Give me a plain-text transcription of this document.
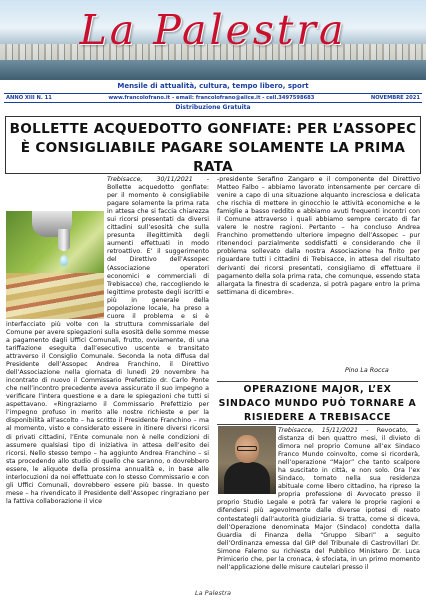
La Palestra
Mensile di attualità, cultura, tempo libero, sport
ANNO XIII N. 11	www.francolofrano.it - email: francolofrano@alice.it - cell.3497598683	NOVEMBRE 2021
Distribuzione Gratuita
BOLLETTE ACQUEDOTTO GONFIATE: PER L’ASSOPEC È CONSIGLIABILE PAGARE SOLAMENTE LA PRIMA RATA

Trebisacce, 30/11/2021 - Bollette acquedotto gonfiate: per il momento è consigliabile pagare solamente la prima rata in attesa che si faccia chiarezza sui ricorsi presentati da diversi cittadini sull’esosità che sulla presunta illegittimità degli aumenti effettuati in modo retroattivo. E’ il suggerimento del Direttivo dell’Assopec (Associazione operatori economici e commerciali di Trebisacce) che, raccogliendo le legittime proteste degli iscritti e più in generale della popolazione locale, ha preso a cuore il problema e si è interfacciato più volte con la struttura commissariale del Comune per avere spiegazioni sulla esosità delle somme messe a pagamento dagli Uffici Comunali, frutto, ovviamente, di una tariffazione eseguita dall’esecutivo uscente e transitato attraverso il Consiglio Comunale. Seconda la nota diffusa dal Presidente dell’Assopec Andrea Franchino, il Direttivo dell’Associazione nella giornata di lunedì 29 novembre ha incontrato di nuovo il Commissario Prefettizio dr. Carlo Ponte che nell’incontro precedente aveva assicurato il suo impegno a verificare l’intera questione e a dare le spiegazioni che tutti si aspettavano. «Ringraziamo il Commissario Prefettizio per l’impegno profuso in merito alle nostre richieste e per la disponibilità all’ascolto – ha scritto il Presidente Franchino – ma al momento, visto e considerato essere in itinere diversi ricorsi di privati cittadini, l’Ente comunale non è nelle condizioni di assumere qualsiasi tipo di iniziativa in attesa dell’esito dei ricorsi. Nello stesso tempo – ha aggiunto Andrea Franchino – si sta procedendo allo studio di quello che saranno, o dovrebbero essere, le aliquote della prossima annualità e, in base alle interlocuzioni da noi effettuate con lo stesso Commissario e con gli Uffici Comunali, dovrebbero essere più basse. In questo mese – ha rivendicato il Presidente dell’Assopec ringraziano per la fattiva collaborazione il vice

-presidente Serafino Zangaro e il componente del Direttivo Matteo Falbo – abbiamo lavorato intensamente per cercare di venire a capo di una situazione alquanto incresciosa e delicata che rischia di mettere in ginocchio le attività economiche e le famiglie a basso reddito e abbiamo avuti frequenti incontri con il Comune attraverso i quali abbiamo sempre cercato di far valere le nostre ragioni. Pertanto – ha concluso Andrea Franchino promettendo ulteriore impegno dell’Assopec – pur ritenendoci parzialmente soddisfatti e considerando che il problema sollevato dalla nostra Associazione ha finito per riguardare tutti i cittadini di Trebisacce, in attesa del risultato derivanti dei ricorsi presentati, consigliamo di effettuare il pagamento della sola prima rata, che comunque, essendo stata allargata la finestra di scadenza, si potrà pagare entro la prima settimana di dicembre».

Pino La Rocca
OPERAZIONE MAJOR, L’EX SINDACO MUNDO PUÒ TORNARE A RISIEDERE A TREBISACCE

Trebisacce, 15/11/2021 - Revocato, a distanza di ben quattro mesi, il divieto di dimora nel proprio Comune all’ex Sindaco Franco Mundo coinvolto, come si ricorderà, nell’operazione “Major” che tanto scalpore ha suscitato in città, e non solo. Ora l’ex Sindaco, tornato nella sua residenza abituale come libero cittadino, ha ripreso la propria professione di Avvocato presso il proprio Studio Legale e potrà far valere le proprie ragioni e difendersi più agevolmente dalle diverse ipotesi di reato contestategli dall’autorità giudiziaria. Si tratta, come si diceva, dell’Operazione denominata Major (Sindaco) condotta dalla Guardia di Finanza della “Gruppo Sibari” a seguito dell’Ordinanza emessa dal GIP del Tribunale di Castrovillari Dr. Simone Falerno su richiesta del Pubblico Ministero Dr. Luca Primicerio che, per la cronaca, è sfociata, in un primo momento nell’applicazione delle misure cautelari presso il

La Palestra
